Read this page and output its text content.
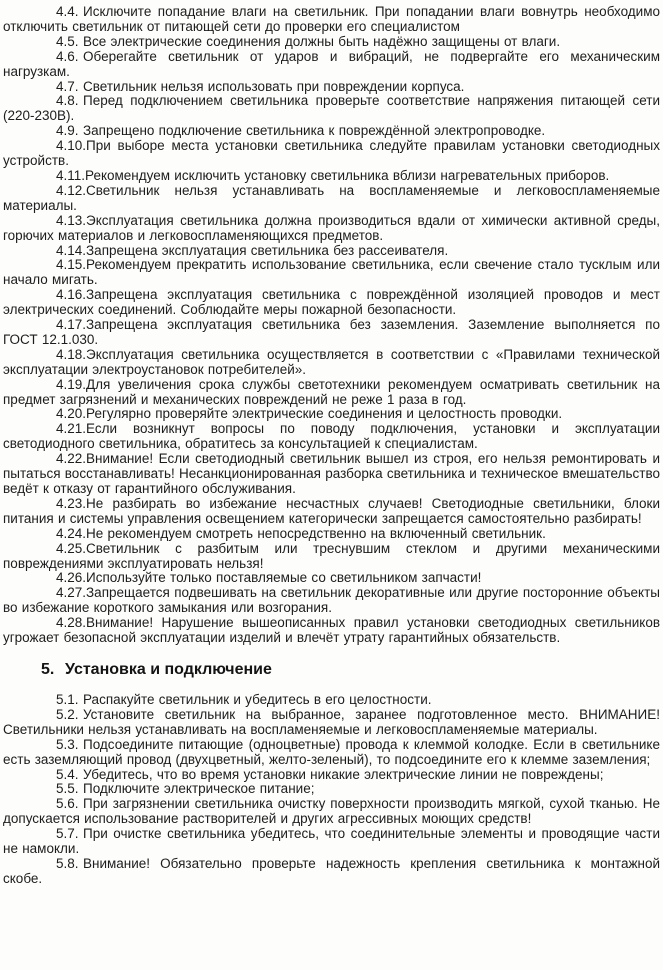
4.4. Исключите попадание влаги на светильник. При попадании влаги вовнутрь необходимо отключить светильник от питающей сети до проверки его специалистом

4.5. Все электрические соединения должны быть надёжно защищены от влаги.

4.6. Оберегайте светильник от ударов и вибраций, не подвергайте его механическим нагрузкам.

4.7. Светильник нельзя использовать при повреждении корпуса.

4.8. Перед подключением светильника проверьте соответствие напряжения питающей сети (220-230В).

4.9. Запрещено подключение светильника к повреждённой электропроводке.

4.10.При выборе места установки светильника следуйте правилам установки светодиодных устройств.

4.11.Рекомендуем исключить установку светильника вблизи нагревательных приборов.

4.12.Светильник нельзя устанавливать на воспламеняемые и легковоспламеняемые материалы.

4.13.Эксплуатация светильника должна производиться вдали от химически активной среды, горючих материалов и легковоспламеняющихся предметов.

4.14.Запрещена эксплуатация светильника без рассеивателя.

4.15.Рекомендуем прекратить использование светильника, если свечение стало тусклым или начало мигать.

4.16.Запрещена эксплуатация светильника с повреждённой изоляцией проводов и мест электрических соединений. Соблюдайте меры пожарной безопасности.

4.17.Запрещена эксплуатация светильника без заземления. Заземление выполняется по ГОСТ 12.1.030.

4.18.Эксплуатация светильника осуществляется в соответствии с «Правилами технической эксплуатации электроустановок потребителей».

4.19.Для увеличения срока службы светотехники рекомендуем осматривать светильник на предмет загрязнений и механических повреждений не реже 1 раза в год.

4.20.Регулярно проверяйте электрические соединения и целостность проводки.

4.21.Если возникнут вопросы по поводу подключения, установки и эксплуатации светодиодного светильника, обратитесь за консультацией к специалистам.

4.22.Внимание! Если светодиодный светильник вышел из строя, его нельзя ремонтировать и пытаться восстанавливать! Несанкционированная разборка светильника и техническое вмешательство ведёт к отказу от гарантийного обслуживания.

4.23.Не разбирать во избежание несчастных случаев! Светодиодные светильники, блоки питания и системы управления освещением категорически запрещается самостоятельно разбирать!

4.24.Не рекомендуем смотреть непосредственно на включенный светильник.

4.25.Светильник с разбитым или треснувшим стеклом и другими механическими повреждениями эксплуатировать нельзя!

4.26.Используйте только поставляемые со светильником запчасти!

4.27.Запрещается подвешивать на светильник декоративные или другие посторонние объекты во избежание короткого замыкания или возгорания.

4.28.Внимание! Нарушение вышеописанных правил установки светодиодных светильников угрожает безопасной эксплуатации изделий и влечёт утрату гарантийных обязательств.

5. Установка и подключение

5.1. Распакуйте светильник и убедитесь в его целостности.

5.2. Установите светильник на выбранное, заранее подготовленное место. ВНИМАНИЕ! Светильники нельзя устанавливать на воспламеняемые и легковоспламеняемые материалы.

5.3. Подсоедините питающие (одноцветные) провода к клеммой колодке. Если в светильнике есть заземляющий провод (двухцветный, желто-зеленый), то подсоедините его к клемме заземления;

5.4. Убедитесь, что во время установки никакие электрические линии не повреждены;

5.5. Подключите электрическое питание;

5.6. При загрязнении светильника очистку поверхности производить мягкой, сухой тканью. Не допускается использование растворителей и других агрессивных моющих средств!

5.7. При очистке светильника убедитесь, что соединительные элементы и проводящие части не намокли.

5.8. Внимание! Обязательно проверьте надежность крепления светильника к монтажной скобе.
